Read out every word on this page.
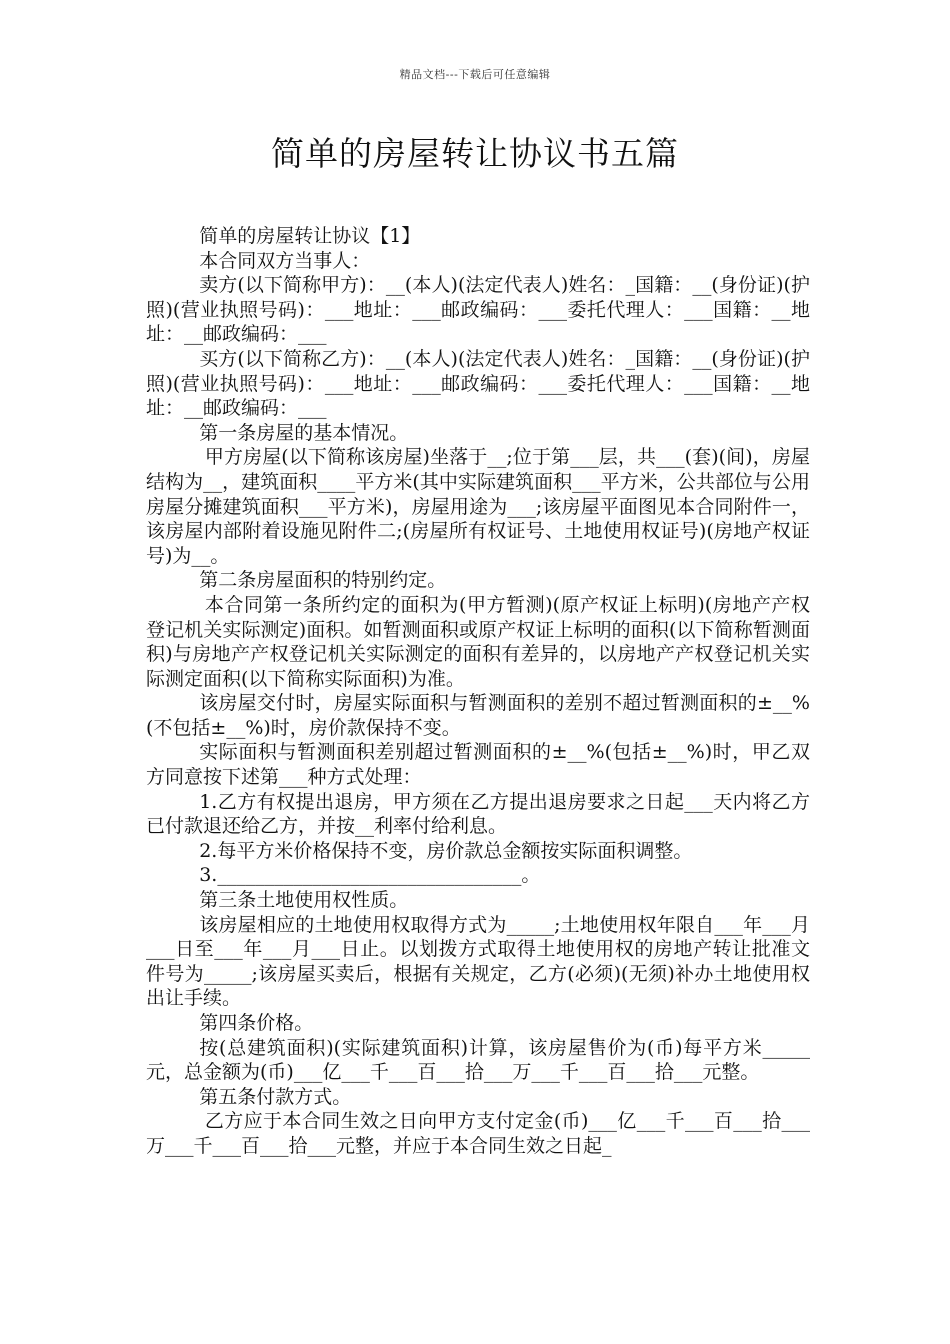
精品文档---下载后可任意编辑
简单的房屋转让协议书五篇

简单的房屋转让协议【1】

本合同双方当事人：

卖方(以下简称甲方)：__(本人)(法定代表人)姓名：_国籍：__(身份证)(护照)(营业执照号码)：___地址：___邮政编码：___委托代理人：___国籍：__地址：__邮政编码：___

买方(以下简称乙方)：__(本人)(法定代表人)姓名：_国籍：__(身份证)(护照)(营业执照号码)：___地址：___邮政编码：___委托代理人：___国籍：__地址：__邮政编码：___

第一条房屋的基本情况。

甲方房屋(以下简称该房屋)坐落于__;位于第___层，共___(套)(间)，房屋结构为__，建筑面积____平方米(其中实际建筑面积___平方米，公共部位与公用房屋分摊建筑面积___平方米)，房屋用途为___;该房屋平面图见本合同附件一，该房屋内部附着设施见附件二;(房屋所有权证号、土地使用权证号)(房地产权证号)为__。

第二条房屋面积的特别约定。

本合同第一条所约定的面积为(甲方暂测)(原产权证上标明)(房地产产权登记机关实际测定)面积。如暂测面积或原产权证上标明的面积(以下简称暂测面积)与房地产产权登记机关实际测定的面积有差异的，以房地产产权登记机关实际测定面积(以下简称实际面积)为准。

该房屋交付时，房屋实际面积与暂测面积的差别不超过暂测面积的±__%(不包括±__%)时，房价款保持不变。

实际面积与暂测面积差别超过暂测面积的±__%(包括±__%)时，甲乙双方同意按下述第___种方式处理：

1.乙方有权提出退房，甲方须在乙方提出退房要求之日起___天内将乙方已付款退还给乙方，并按__利率付给利息。

2.每平方米价格保持不变，房价款总金额按实际面积调整。

3.________________________________。

第三条土地使用权性质。

该房屋相应的土地使用权取得方式为_____;土地使用权年限自___年___月___日至___年___月___日止。以划拨方式取得土地使用权的房地产转让批准文件号为_____;该房屋买卖后，根据有关规定，乙方(必须)(无须)补办土地使用权出让手续。

第四条价格。

按(总建筑面积)(实际建筑面积)计算，该房屋售价为(币)每平方米_____元，总金额为(币)___亿___千___百___拾___万___千___百___拾___元整。

第五条付款方式。

乙方应于本合同生效之日向甲方支付定金(币)___亿___千___百___拾___万___千___百___拾___元整，并应于本合同生效之日起_
